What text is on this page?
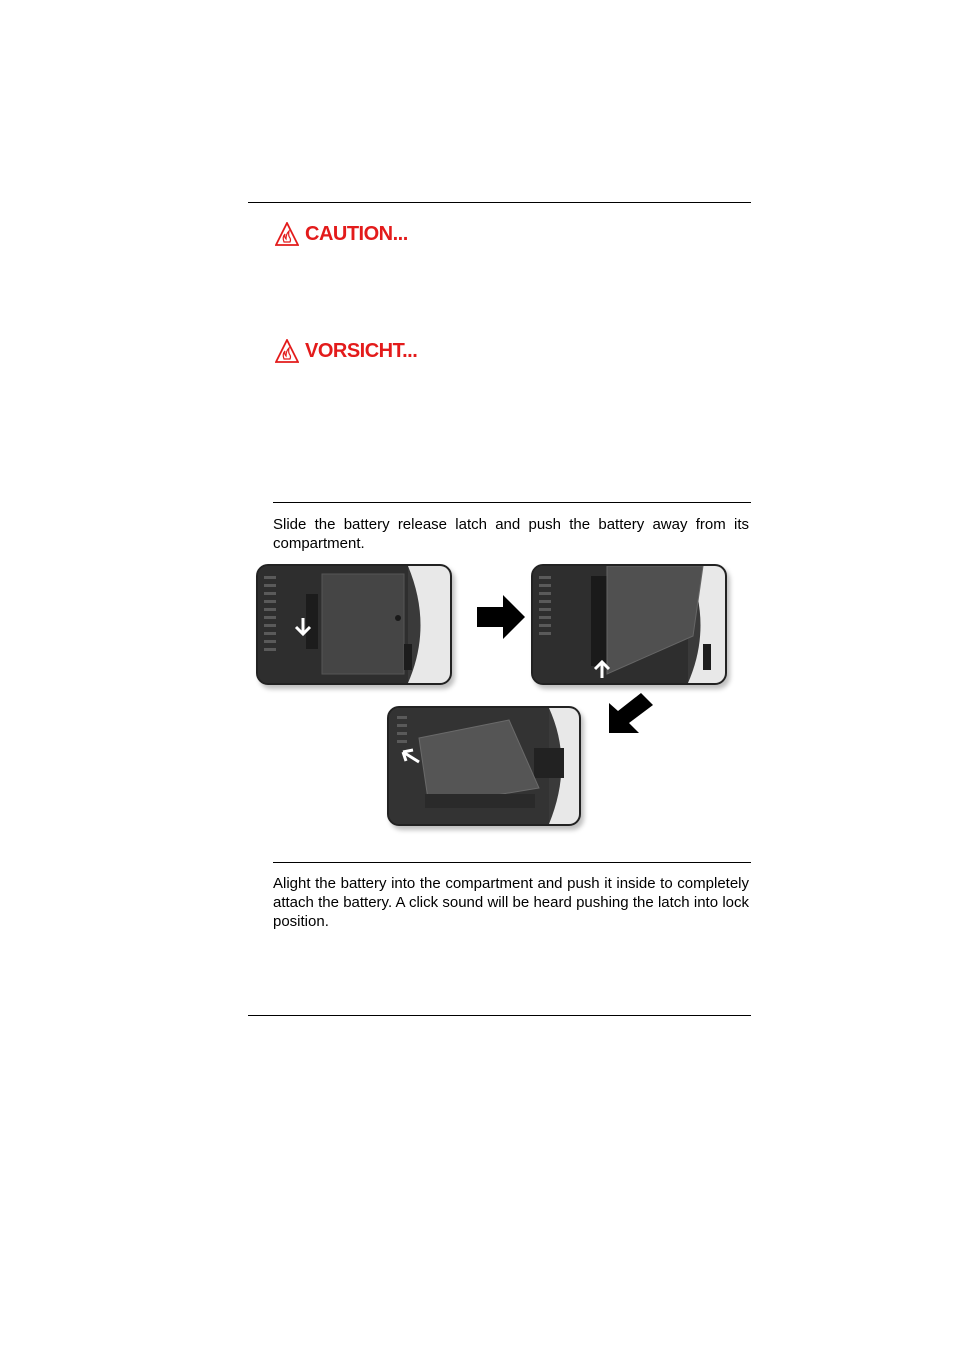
CAUTION...
VORSICHT...
Slide the battery release latch and push the battery away from its compartment.
Alight the battery into the compartment and push it inside to completely attach the battery. A click sound will be heard pushing the latch into lock position.
